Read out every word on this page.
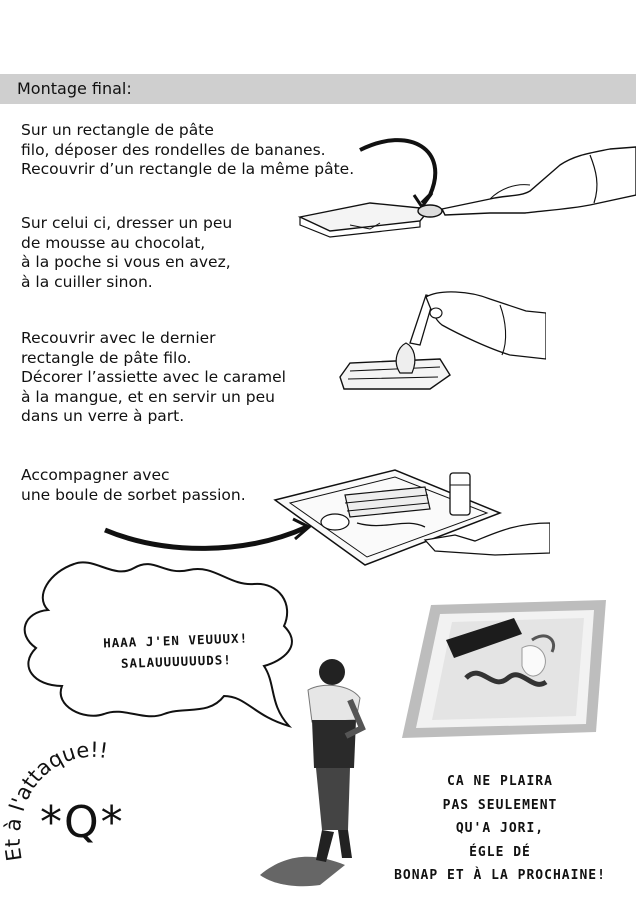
Montage final:
Sur un rectangle de pâte
filo, déposer des rondelles de bananes.
Recouvrir d’un rectangle de la même pâte.
Sur celui ci, dresser un peu
de mousse au chocolat,
à la poche si vous en avez,
à la cuiller sinon.
Recouvrir avec le dernier
rectangle de pâte filo.
Décorer l’assiette avec le caramel
à la mangue, et en servir un peu
dans un verre à part.
Accompagner avec
une boule de sorbet passion.
HAAA J'EN VEUUUX!
SALAUUUUUUDS!
CA NE PLAIRA
PAS SEULEMENT
QU'A JORI,
ÉGLE DÉ
BONAP ET À LA PROCHAINE!
Et à l'attaque!!
*Q*
